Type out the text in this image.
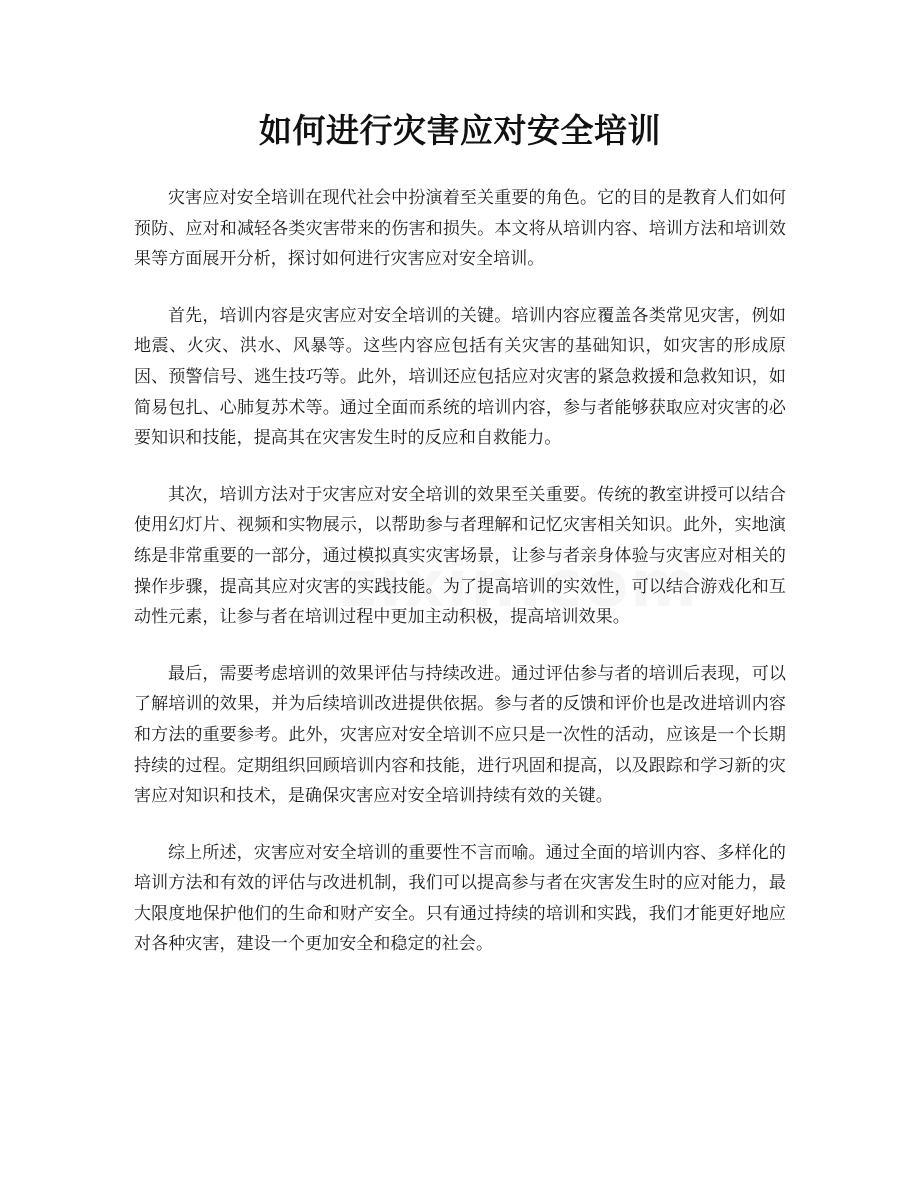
如何进行灾害应对安全培训

灾害应对安全培训在现代社会中扮演着至关重要的角色。它的目的是教育人们如何预防、应对和减轻各类灾害带来的伤害和损失。本文将从培训内容、培训方法和培训效果等方面展开分析，探讨如何进行灾害应对安全培训。

首先，培训内容是灾害应对安全培训的关键。培训内容应覆盖各类常见灾害，例如地震、火灾、洪水、风暴等。这些内容应包括有关灾害的基础知识，如灾害的形成原因、预警信号、逃生技巧等。此外，培训还应包括应对灾害的紧急救援和急救知识，如简易包扎、心肺复苏术等。通过全面而系统的培训内容，参与者能够获取应对灾害的必要知识和技能，提高其在灾害发生时的反应和自救能力。

其次，培训方法对于灾害应对安全培训的效果至关重要。传统的教室讲授可以结合使用幻灯片、视频和实物展示，以帮助参与者理解和记忆灾害相关知识。此外，实地演练是非常重要的一部分，通过模拟真实灾害场景，让参与者亲身体验与灾害应对相关的操作步骤，提高其应对灾害的实践技能。为了提高培训的实效性，可以结合游戏化和互动性元素，让参与者在培训过程中更加主动积极，提高培训效果。

最后，需要考虑培训的效果评估与持续改进。通过评估参与者的培训后表现，可以了解培训的效果，并为后续培训改进提供依据。参与者的反馈和评价也是改进培训内容和方法的重要参考。此外，灾害应对安全培训不应只是一次性的活动，应该是一个长期持续的过程。定期组织回顾培训内容和技能，进行巩固和提高，以及跟踪和学习新的灾害应对知识和技术，是确保灾害应对安全培训持续有效的关键。

综上所述，灾害应对安全培训的重要性不言而喻。通过全面的培训内容、多样化的培训方法和有效的评估与改进机制，我们可以提高参与者在灾害发生时的应对能力，最大限度地保护他们的生命和财产安全。只有通过持续的培训和实践，我们才能更好地应对各种灾害，建设一个更加安全和稳定的社会。
